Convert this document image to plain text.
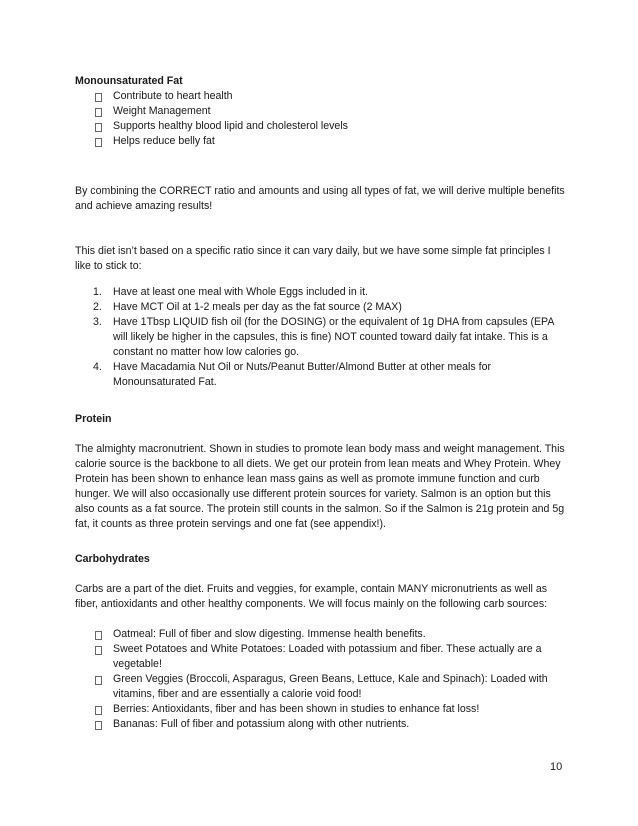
Monounsaturated Fat
Contribute to heart health
Weight Management
Supports healthy blood lipid and cholesterol levels
Helps reduce belly fat

By combining the CORRECT ratio and amounts and using all types of fat, we will derive multiple benefits and achieve amazing results!

This diet isn’t based on a specific ratio since it can vary daily, but we have some simple fat principles I like to stick to:

1. Have at least one meal with Whole Eggs included in it.
2. Have MCT Oil at 1-2 meals per day as the fat source (2 MAX)
3. Have 1Tbsp LIQUID fish oil (for the DOSING) or the equivalent of 1g DHA from capsules (EPA will likely be higher in the capsules, this is fine) NOT counted toward daily fat intake. This is a constant no matter how low calories go.
4. Have Macadamia Nut Oil or Nuts/Peanut Butter/Almond Butter at other meals for Monounsaturated Fat.
Protein

The almighty macronutrient. Shown in studies to promote lean body mass and weight management. This calorie source is the backbone to all diets. We get our protein from lean meats and Whey Protein. Whey Protein has been shown to enhance lean mass gains as well as promote immune function and curb hunger. We will also occasionally use different protein sources for variety. Salmon is an option but this also counts as a fat source. The protein still counts in the salmon. So if the Salmon is 21g protein and 5g fat, it counts as three protein servings and one fat (see appendix!).

Carbohydrates

Carbs are a part of the diet. Fruits and veggies, for example, contain MANY micronutrients as well as fiber, antioxidants and other healthy components. We will focus mainly on the following carb sources:

Oatmeal: Full of fiber and slow digesting. Immense health benefits.
Sweet Potatoes and White Potatoes: Loaded with potassium and fiber. These actually are a vegetable!
Green Veggies (Broccoli, Asparagus, Green Beans, Lettuce, Kale and Spinach): Loaded with vitamins, fiber and are essentially a calorie void food!
Berries: Antioxidants, fiber and has been shown in studies to enhance fat loss!
Bananas: Full of fiber and potassium along with other nutrients.
10
